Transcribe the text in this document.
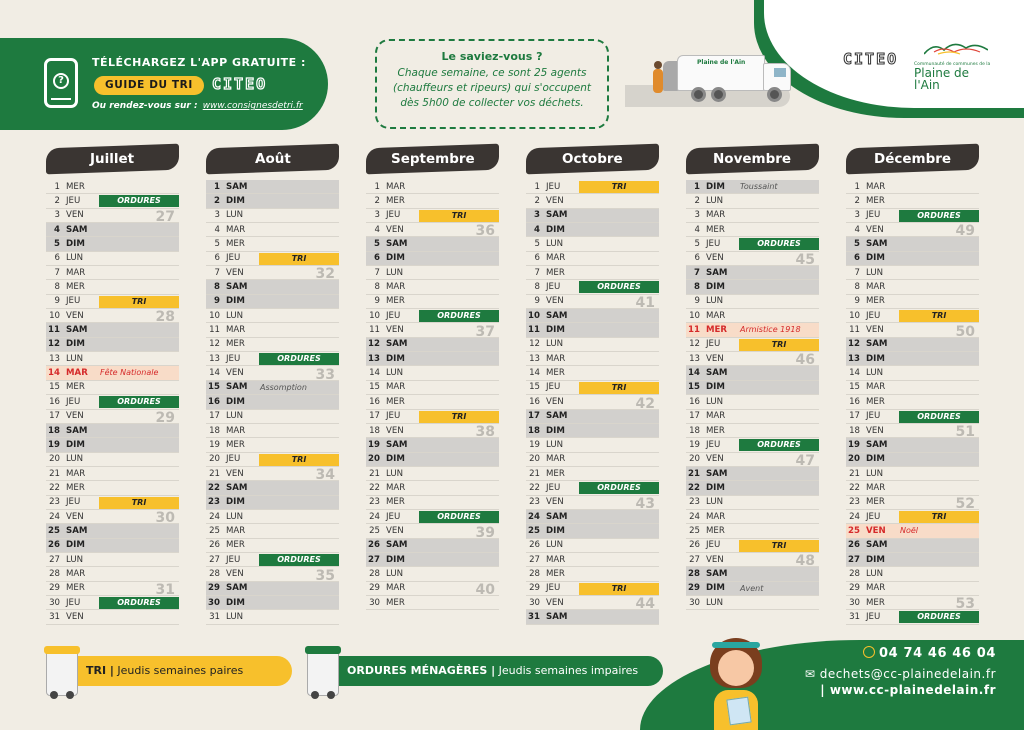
CITEO	Communauté de communes de la
Plaine de l'Ain
?
TÉLÉCHARGEZ L'APP GRATUITE :
GUIDE DU TRI	CITEO
Ou rendez-vous sur : www.consignesdetri.fr
Le saviez-vous ?
Chaque semaine, ce sont 25 agents
(chauffeurs et ripeurs) qui s'occupent
dès 5h00 de collecter vos déchets.
Plaine de l'Ain
Juillet
1 MER
2 JEU	ORDURES
3 VEN	27
4 SAM
5 DIM
6 LUN
7 MAR
8 MER
9 JEU	TRI
10 VEN	28
11 SAM
12 DIM
13 LUN
14 MAR	Fête Nationale
15 MER
16 JEU	ORDURES
17 VEN	29
18 SAM
19 DIM
20 LUN
21 MAR
22 MER
23 JEU	TRI
24 VEN	30
25 SAM
26 DIM
27 LUN
28 MAR
29 MER	31
30 JEU	ORDURES
31 VEN
Août
1 SAM
2 DIM
3 LUN
4 MAR
5 MER
6 JEU	TRI
7 VEN	32
8 SAM
9 DIM
10 LUN
11 MAR
12 MER
13 JEU	ORDURES
14 VEN	33
15 SAM	Assomption
16 DIM
17 LUN
18 MAR
19 MER
20 JEU	TRI
21 VEN	34
22 SAM
23 DIM
24 LUN
25 MAR
26 MER
27 JEU	ORDURES
28 VEN	35
29 SAM
30 DIM
31 LUN
Septembre
1 MAR
2 MER
3 JEU	TRI
4 VEN	36
5 SAM
6 DIM
7 LUN
8 MAR
9 MER
10 JEU	ORDURES
11 VEN	37
12 SAM
13 DIM
14 LUN
15 MAR
16 MER
17 JEU	TRI
18 VEN	38
19 SAM
20 DIM
21 LUN
22 MAR
23 MER
24 JEU	ORDURES
25 VEN	39
26 SAM
27 DIM
28 LUN
29 MAR	40
30 MER
Octobre
1 JEU	TRI
2 VEN
3 SAM
4 DIM
5 LUN
6 MAR
7 MER
8 JEU	ORDURES
9 VEN	41
10 SAM
11 DIM
12 LUN
13 MAR
14 MER
15 JEU	TRI
16 VEN	42
17 SAM
18 DIM
19 LUN
20 MAR
21 MER
22 JEU	ORDURES
23 VEN	43
24 SAM
25 DIM
26 LUN
27 MAR
28 MER
29 JEU	TRI
30 VEN	44
31 SAM
Novembre
1 DIM	Toussaint
2 LUN
3 MAR
4 MER
5 JEU	ORDURES
6 VEN	45
7 SAM
8 DIM
9 LUN
10 MAR
11 MER	Armistice 1918
12 JEU	TRI
13 VEN	46
14 SAM
15 DIM
16 LUN
17 MAR
18 MER
19 JEU	ORDURES
20 VEN	47
21 SAM
22 DIM
23 LUN
24 MAR
25 MER
26 JEU	TRI
27 VEN	48
28 SAM
29 DIM	Avent
30 LUN
Décembre
1 MAR
2 MER
3 JEU	ORDURES
4 VEN	49
5 SAM
6 DIM
7 LUN
8 MAR
9 MER
10 JEU	TRI
11 VEN	50
12 SAM
13 DIM
14 LUN
15 MAR
16 MER
17 JEU	ORDURES
18 VEN	51
19 SAM
20 DIM
21 LUN
22 MAR
23 MER	52
24 JEU	TRI
25 VEN	Noël
26 SAM
27 DIM
28 LUN
29 MAR
30 MER	53
31 JEU	ORDURES
TRI | Jeudis semaines paires	ORDURES MÉNAGÈRES | Jeudis semaines impaires
04 74 46 46 04
✉ dechets@cc-plainedelain.fr
| www.cc-plainedelain.fr
